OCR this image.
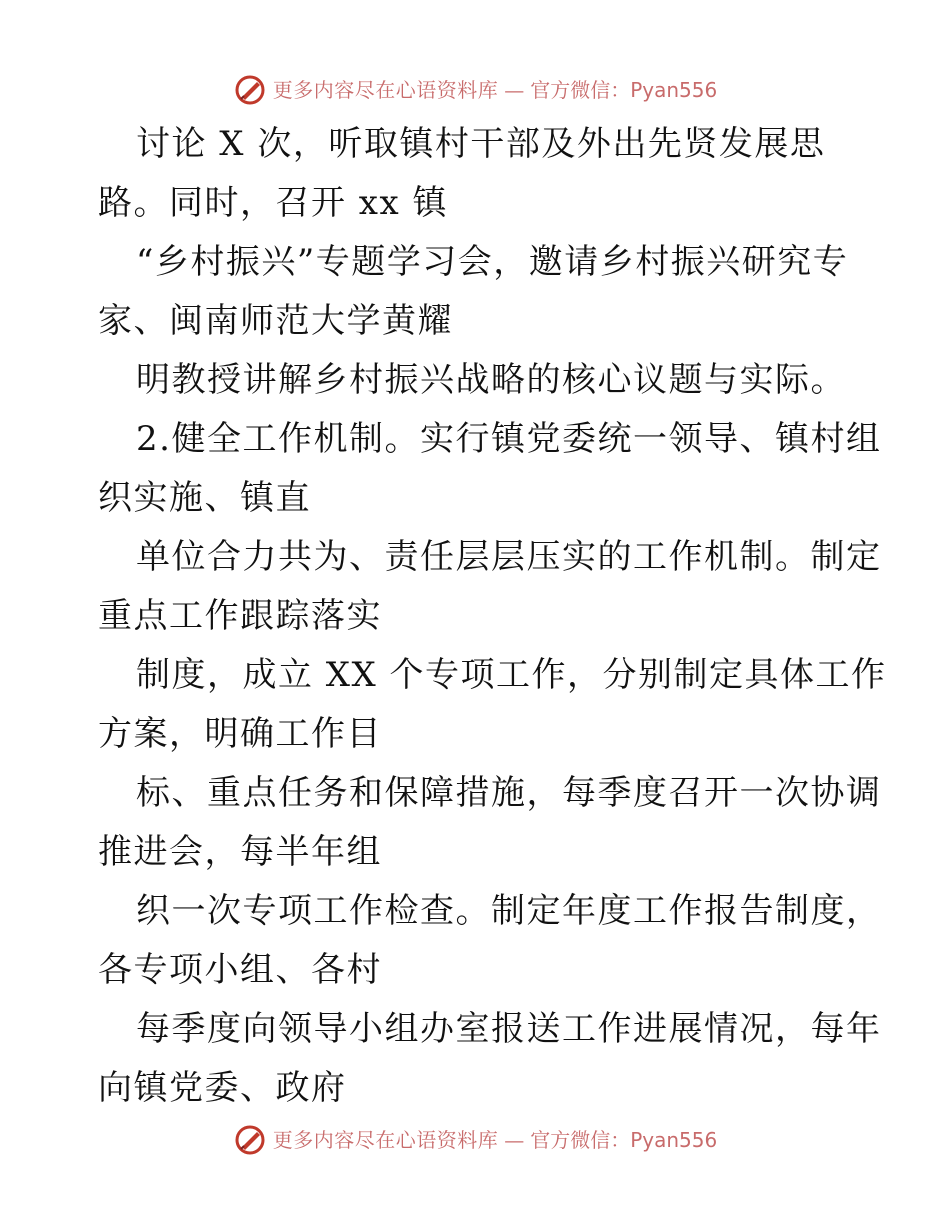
更多内容尽在心语资料库 — 官方微信：Pyan556
讨论 X 次，听取镇村干部及外出先贤发展思
路。同时，召开 xx 镇
“乡村振兴”专题学习会，邀请乡村振兴研究专
家、闽南师范大学黄耀
明教授讲解乡村振兴战略的核心议题与实际。
2.健全工作机制。实行镇党委统一领导、镇村组
织实施、镇直
单位合力共为、责任层层压实的工作机制。制定
重点工作跟踪落实
制度，成立 XX 个专项工作，分别制定具体工作
方案，明确工作目
标、重点任务和保障措施，每季度召开一次协调
推进会，每半年组
织一次专项工作检查。制定年度工作报告制度，
各专项小组、各村
每季度向领导小组办室报送工作进展情况，每年
向镇党委、政府
更多内容尽在心语资料库 — 官方微信：Pyan556
